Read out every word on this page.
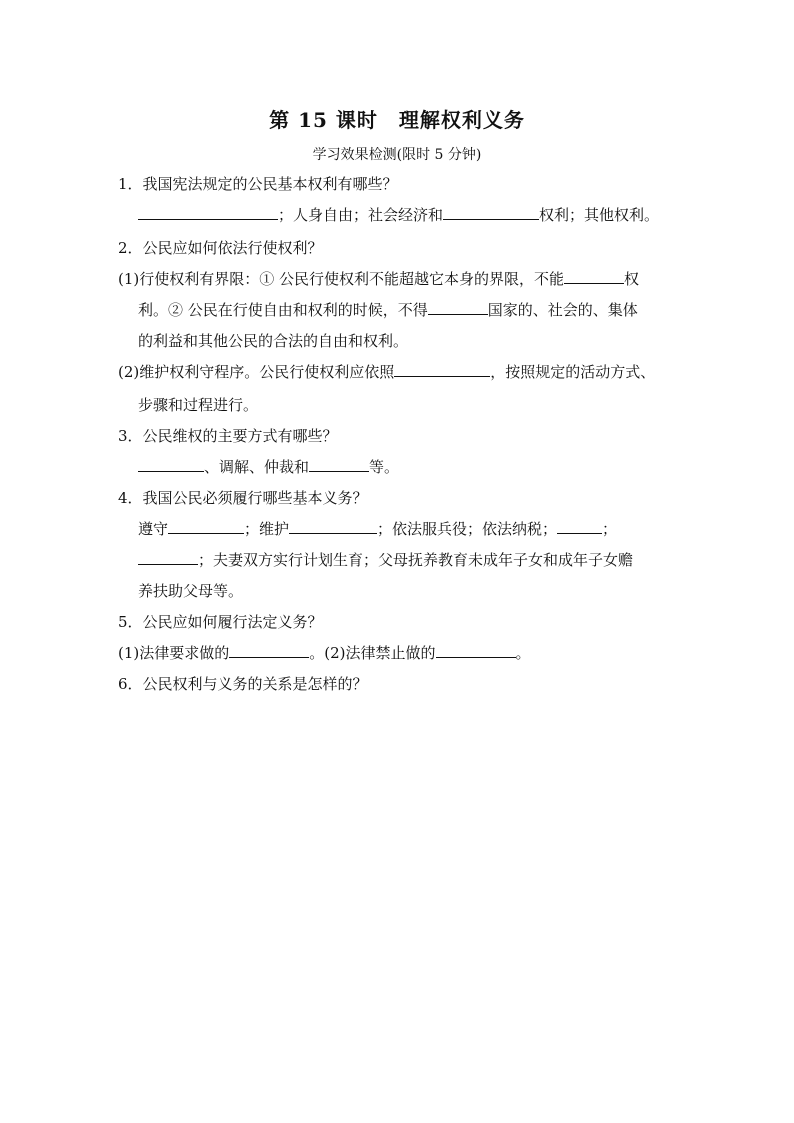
第 15 课时　理解权利义务
学习效果检测(限时 5 分钟)
1．我国宪法规定的公民基本权利有哪些？
；人身自由；社会经济和	权利；其他权利。
2．公民应如何依法行使权利？
(1)行使权利有界限：① 公民行使权利不能超越它本身的界限，不能	权
利。② 公民在行使自由和权利的时候，不得	国家的、社会的、集体
的利益和其他公民的合法的自由和权利。
(2)维护权利守程序。公民行使权利应依照	，按照规定的活动方式、
步骤和过程进行。
3．公民维权的主要方式有哪些？
、调解、仲裁和	等。
4．我国公民必须履行哪些基本义务？
遵守	；维护	；依法服兵役；依法纳税；	；
；夫妻双方实行计划生育；父母抚养教育未成年子女和成年子女赡
养扶助父母等。
5．公民应如何履行法定义务？
(1)法律要求做的	。(2)法律禁止做的	。
6．公民权利与义务的关系是怎样的？
